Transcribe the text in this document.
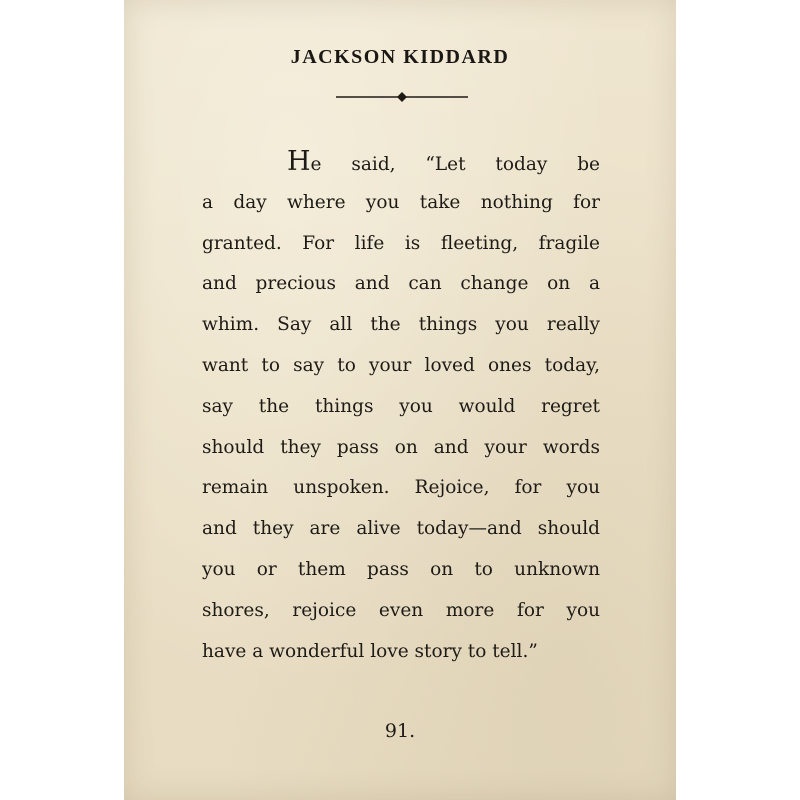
JACKSON KIDDARD
He said, “Let today be
a day where you take nothing for
granted. For life is fleeting, fragile
and precious and can change on a
whim. Say all the things you really
want to say to your loved ones today,
say the things you would regret
should they pass on and your words
remain unspoken. Rejoice, for you
and they are alive today—and should
you or them pass on to unknown
shores, rejoice even more for you
have a wonderful love story to tell.”
91.
